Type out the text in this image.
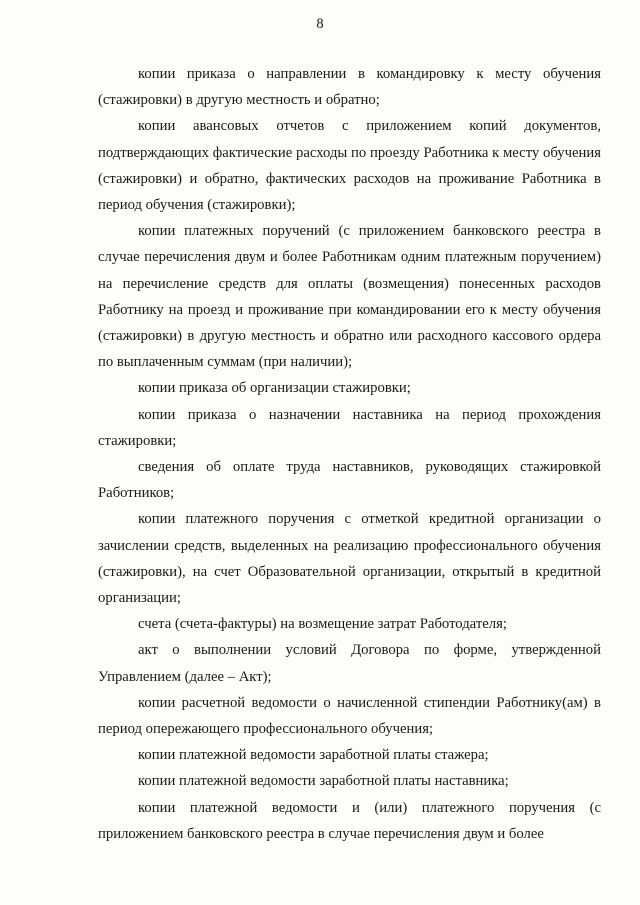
8

копии приказа о направлении в командировку к месту обучения (стажировки) в другую местность и обратно;

копии авансовых отчетов с приложением копий документов, подтверждающих фактические расходы по проезду Работника к месту обучения (стажировки) и обратно, фактических расходов на проживание Работника в период обучения (стажировки);

копии платежных поручений (с приложением банковского реестра в случае перечисления двум и более Работникам одним платежным поручением) на перечисление средств для оплаты (возмещения) понесенных расходов Работнику на проезд и проживание при командировании его к месту обучения (стажировки) в другую местность и обратно или расходного кассового ордера по выплаченным суммам (при наличии);

копии приказа об организации стажировки;

копии приказа о назначении наставника на период прохождения стажировки;

сведения об оплате труда наставников, руководящих стажировкой Работников;

копии платежного поручения с отметкой кредитной организации о зачислении средств, выделенных на реализацию профессионального обучения (стажировки), на счет Образовательной организации, открытый в кредитной организации;

счета (счета-фактуры) на возмещение затрат Работодателя;

акт о выполнении условий Договора по форме, утвержденной Управлением (далее – Акт);

копии расчетной ведомости о начисленной стипендии Работнику(ам) в период опережающего профессионального обучения;

копии платежной ведомости заработной платы стажера;

копии платежной ведомости заработной платы наставника;

копии платежной ведомости и (или) платежного поручения (с приложением банковского реестра в случае перечисления двум и более
